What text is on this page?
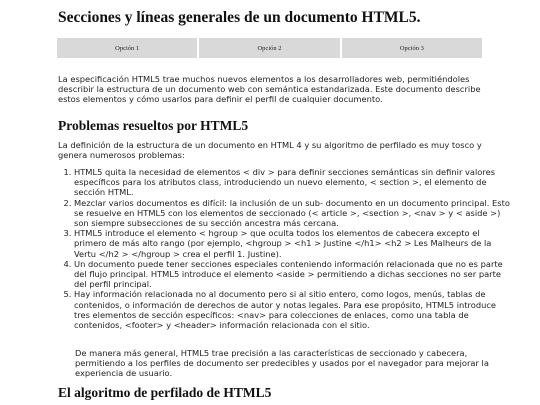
Secciones y líneas generales de un documento HTML5.
Opción 1	Opción 2	Opción 3

La especificación HTML5 trae muchos nuevos elementos a los desarrolladores web, permitiéndoles describir la estructura de un documento web con semántica estandarizada. Este documento describe estos elementos y cómo usarlos para definir el perfil de cualquier documento.

Problemas resueltos por HTML5

La definición de la estructura de un documento en HTML 4 y su algoritmo de perfilado es muy tosco y genera numerosos problemas:

1. HTML5 quita la necesidad de elementos < div > para definir secciones semánticas sin definir valores específicos para los atributos class, introduciendo un nuevo elemento, < section >, el elemento de sección HTML.
2. Mezclar varios documentos es difícil: la inclusión de un sub- documento en un documento principal. Esto se resuelve en HTML5 con los elementos de seccionado (< article >, <section >, <nav > y < aside >) son siempre subsecciones de su sección ancestra más cercana.
3. HTML5 introduce el elemento < hgroup > que oculta todos los elementos de cabecera excepto el primero de más alto rango (por ejemplo, <hgroup > <h1 > Justine </h1> <h2 > Les Malheurs de la Vertu </h2 > </hgroup > crea el perfil 1. Justine).
4. Un documento puede tener secciones especiales conteniendo información relacionada que no es parte del flujo principal. HTML5 introduce el elemento <aside > permitiendo a dichas secciones no ser parte del perfil principal.
5. Hay información relacionada no al documento pero si al sitio entero, como logos, menús, tablas de contenidos, o información de derechos de autor y notas legales. Para ese propósito, HTML5 introduce tres elementos de sección específicos: <nav> para colecciones de enlaces, como una tabla de contenidos, <footer> y <header> información relacionada con el sitio.

De manera más general, HTML5 trae precisión a las características de seccionado y cabecera, permitiendo a los perfiles de documento ser predecibles y usados por el navegador para mejorar la experiencia de usuario.

El algoritmo de perfilado de HTML5
